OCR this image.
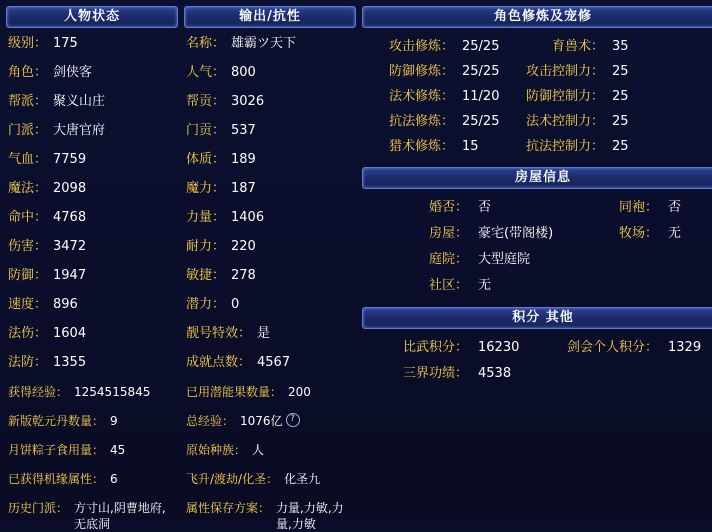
人物状态
级别： 175
角色： 剑侠客
帮派： 聚义山庄
门派： 大唐官府
气血： 7759
魔法： 2098
命中： 4768
伤害： 3472
防御： 1947
速度： 896
法伤： 1604
法防： 1355
获得经验： 1254515845
新版乾元丹数量： 9
月饼粽子食用量： 45
已获得机缘属性： 6
历史门派： 方寸山,阴曹地府,无底洞
输出/抗性
名称： 雄霸ツ天下
人气： 800
帮贡： 3026
门贡： 537
体质： 189
魔力： 187
力量： 1406
耐力： 220
敏捷： 278
潜力： 0
靓号特效： 是
成就点数： 4567
已用潜能果数量： 200
总经验： 1076亿 ?
原始种族： 人
飞升/渡劫/化圣： 化圣九
属性保存方案： 力量,力敏,力量,力敏
角色修炼及宠修
攻击修炼： 25/25	育兽术： 35
防御修炼： 25/25	攻击控制力： 25
法术修炼： 11/20	防御控制力： 25
抗法修炼： 25/25	法术控制力： 25
猎术修炼： 15	抗法控制力： 25
房屋信息
婚否： 否	同袍： 否
房屋： 豪宅(带阁楼)	牧场： 无
庭院： 大型庭院
社区： 无
积分 其他
比武积分： 16230	剑会个人积分： 1329
三界功绩： 4538
